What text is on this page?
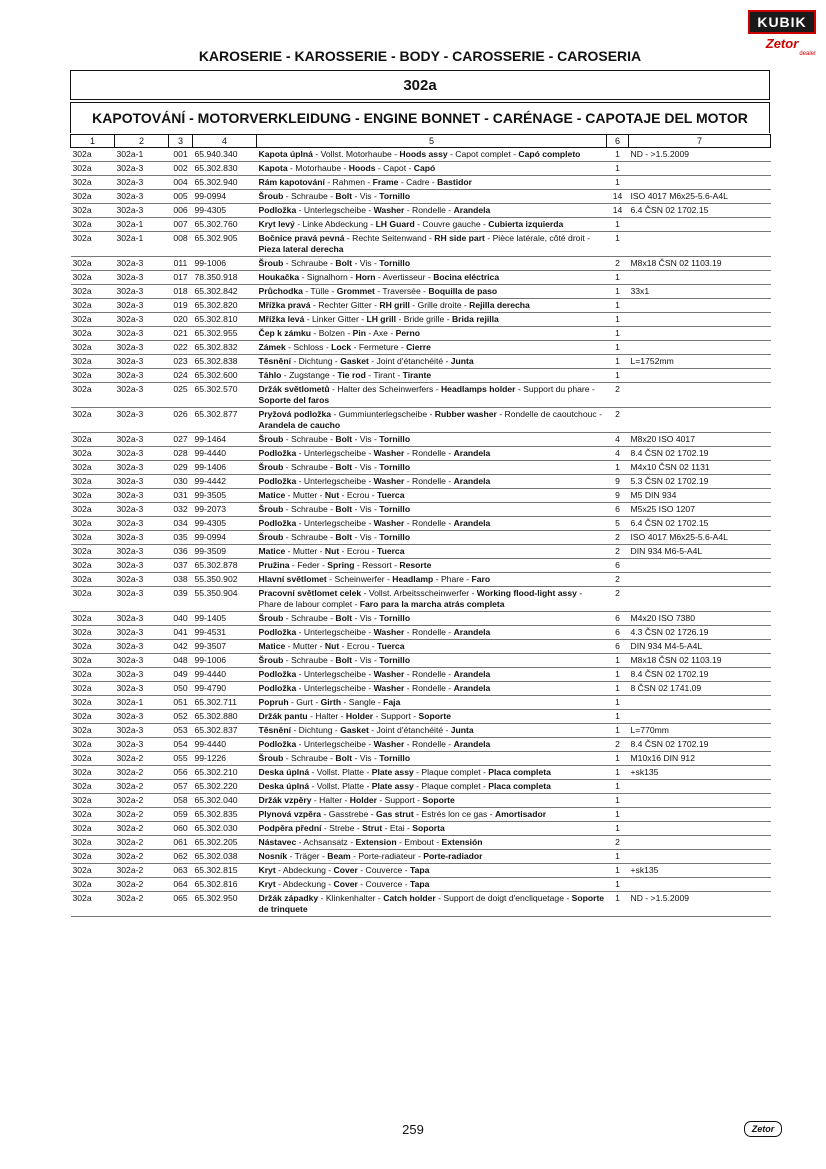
KUBIK
Zetor
dealer
KAROSERIE - KAROSSERIE - BODY - CAROSSERIE - CAROSERIA
302a
KAPOTOVÁNÍ - MOTORVERKLEIDUNG - ENGINE BONNET - CARÉNAGE - CAPOTAJE DEL MOTOR
1	2	3	4	5	6	7
302a	302a-1	001	65.940.340	Kapota úplná - Vollst. Motorhaube - Hoods assy - Capot complet - Capó completo	1	ND - >1.5.2009
302a	302a-3	002	65.302.830	Kapota - Motorhaube - Hoods - Capot - Capó	1	
302a	302a-3	004	65.302.940	Rám kapotování - Rahmen - Frame - Cadre - Bastidor	1	
302a	302a-3	005	99-0994	Šroub - Schraube - Bolt - Vis - Tornillo	14	ISO 4017 M6x25-5.6-A4L
302a	302a-3	006	99-4305	Podložka - Unterlegscheibe - Washer - Rondelle - Arandela	14	6.4 ČSN 02 1702.15
302a	302a-1	007	65.302.760	Kryt levý - Linke Abdeckung - LH Guard - Couvre gauche - Cubierta izquierda	1	
302a	302a-1	008	65.302.905	Bočnice pravá pevná - Rechte Seitenwand - RH side part - Pièce latérale, côté droit - Pieza lateral derecha	1	
302a	302a-3	011	99-1006	Šroub - Schraube - Bolt - Vis - Tornillo	2	M8x18 ČSN 02 1103.19
302a	302a-3	017	78.350.918	Houkačka - Signalhorn - Horn - Avertisseur - Bocina eléctrica	1	
302a	302a-3	018	65.302.842	Průchodka - Tülle - Grommet - Traversée - Boquilla de paso	1	33x1
302a	302a-3	019	65.302.820	Mřížka pravá - Rechter Gitter - RH grill - Grille droite - Rejilla derecha	1	
302a	302a-3	020	65.302.810	Mřížka levá - Linker Gitter - LH grill - Bride grille - Brida rejilla	1	
302a	302a-3	021	65.302.955	Čep k zámku - Bolzen - Pin - Axe - Perno	1	
302a	302a-3	022	65.302.832	Zámek - Schloss - Lock - Fermeture - Cierre	1	
302a	302a-3	023	65.302.838	Těsnění - Dichtung - Gasket - Joint d'étanchéité - Junta	1	L=1752mm
302a	302a-3	024	65.302.600	Táhlo - Zugstange - Tie rod - Tirant - Tirante	1	
302a	302a-3	025	65.302.570	Držák světlometů - Halter des Scheinwerfers - Headlamps holder - Support du phare - Soporte del faros	2	
302a	302a-3	026	65.302.877	Pryžová podložka - Gummiunterlegscheibe - Rubber washer - Rondelle de caoutchouc - Arandela de caucho	2	
302a	302a-3	027	99-1464	Šroub - Schraube - Bolt - Vis - Tornillo	4	M8x20 ISO 4017
302a	302a-3	028	99-4440	Podložka - Unterlegscheibe - Washer - Rondelle - Arandela	4	8.4 ČSN 02 1702.19
302a	302a-3	029	99-1406	Šroub - Schraube - Bolt - Vis - Tornillo	1	M4x10 ČSN 02 1131
302a	302a-3	030	99-4442	Podložka - Unterlegscheibe - Washer - Rondelle - Arandela	9	5.3 ČSN 02 1702.19
302a	302a-3	031	99-3505	Matice - Mutter - Nut - Ecrou - Tuerca	9	M5 DIN 934
302a	302a-3	032	99-2073	Šroub - Schraube - Bolt - Vis - Tornillo	6	M5x25 ISO 1207
302a	302a-3	034	99-4305	Podložka - Unterlegscheibe - Washer - Rondelle - Arandela	5	6.4 ČSN 02 1702.15
302a	302a-3	035	99-0994	Šroub - Schraube - Bolt - Vis - Tornillo	2	ISO 4017 M6x25-5.6-A4L
302a	302a-3	036	99-3509	Matice - Mutter - Nut - Ecrou - Tuerca	2	DIN 934 M6-5-A4L
302a	302a-3	037	65.302.878	Pružina - Feder - Spring - Ressort - Resorte	6	
302a	302a-3	038	55.350.902	Hlavní světlomet - Scheinwerfer - Headlamp - Phare - Faro	2	
302a	302a-3	039	55.350.904	Pracovní světlomet celek - Vollst. Arbeitsscheinwerfer - Working flood-light assy - Phare de labour complet - Faro para la marcha atrás completa	2	
302a	302a-3	040	99-1405	Šroub - Schraube - Bolt - Vis - Tornillo	6	M4x20 ISO 7380
302a	302a-3	041	99-4531	Podložka - Unterlegscheibe - Washer - Rondelle - Arandela	6	4.3 ČSN 02 1726.19
302a	302a-3	042	99-3507	Matice - Mutter - Nut - Ecrou - Tuerca	6	DIN 934 M4-5-A4L
302a	302a-3	048	99-1006	Šroub - Schraube - Bolt - Vis - Tornillo	1	M8x18 ČSN 02 1103.19
302a	302a-3	049	99-4440	Podložka - Unterlegscheibe - Washer - Rondelle - Arandela	1	8.4 ČSN 02 1702.19
302a	302a-3	050	99-4790	Podložka - Unterlegscheibe - Washer - Rondelle - Arandela	1	8 ČSN 02 1741.09
302a	302a-1	051	65.302.711	Popruh - Gurt - Girth - Sangle - Faja	1	
302a	302a-3	052	65.302.880	Držák pantu - Halter - Holder - Support - Soporte	1	
302a	302a-3	053	65.302.837	Těsnění - Dichtung - Gasket - Joint d'étanchéité - Junta	1	L=770mm
302a	302a-3	054	99-4440	Podložka - Unterlegscheibe - Washer - Rondelle - Arandela	2	8.4 ČSN 02 1702.19
302a	302a-2	055	99-1226	Šroub - Schraube - Bolt - Vis - Tornillo	1	M10x16 DIN 912
302a	302a-2	056	65.302.210	Deska úplná - Vollst. Platte - Plate assy - Plaque complet - Placa completa	1	+sk135
302a	302a-2	057	65.302.220	Deska úplná - Vollst. Platte - Plate assy - Plaque complet - Placa completa	1	
302a	302a-2	058	65.302.040	Držák vzpěry - Halter - Holder - Support - Soporte	1	
302a	302a-2	059	65.302.835	Plynová vzpěra - Gasstrebe - Gas strut - Estrés lon ce gas - Amortisador	1	
302a	302a-2	060	65.302.030	Podpěra přední - Strebe - Strut - Etai - Soporta	1	
302a	302a-2	061	65.302.205	Nástavec - Achsansatz - Extension - Embout - Extensión	2	
302a	302a-2	062	65.302.038	Nosník - Träger - Beam - Porte-radiateur - Porte-radiador	1	
302a	302a-2	063	65.302.815	Kryt - Abdeckung - Cover - Couverce - Tapa	1	+sk135
302a	302a-2	064	65.302.816	Kryt - Abdeckung - Cover - Couverce - Tapa	1	
302a	302a-2	065	65.302.950	Držák západky - Klinkenhalter - Catch holder - Support de doigt d'encliquetage - Soporte de trinquete	1	ND - >1.5.2009
259	Zetor
